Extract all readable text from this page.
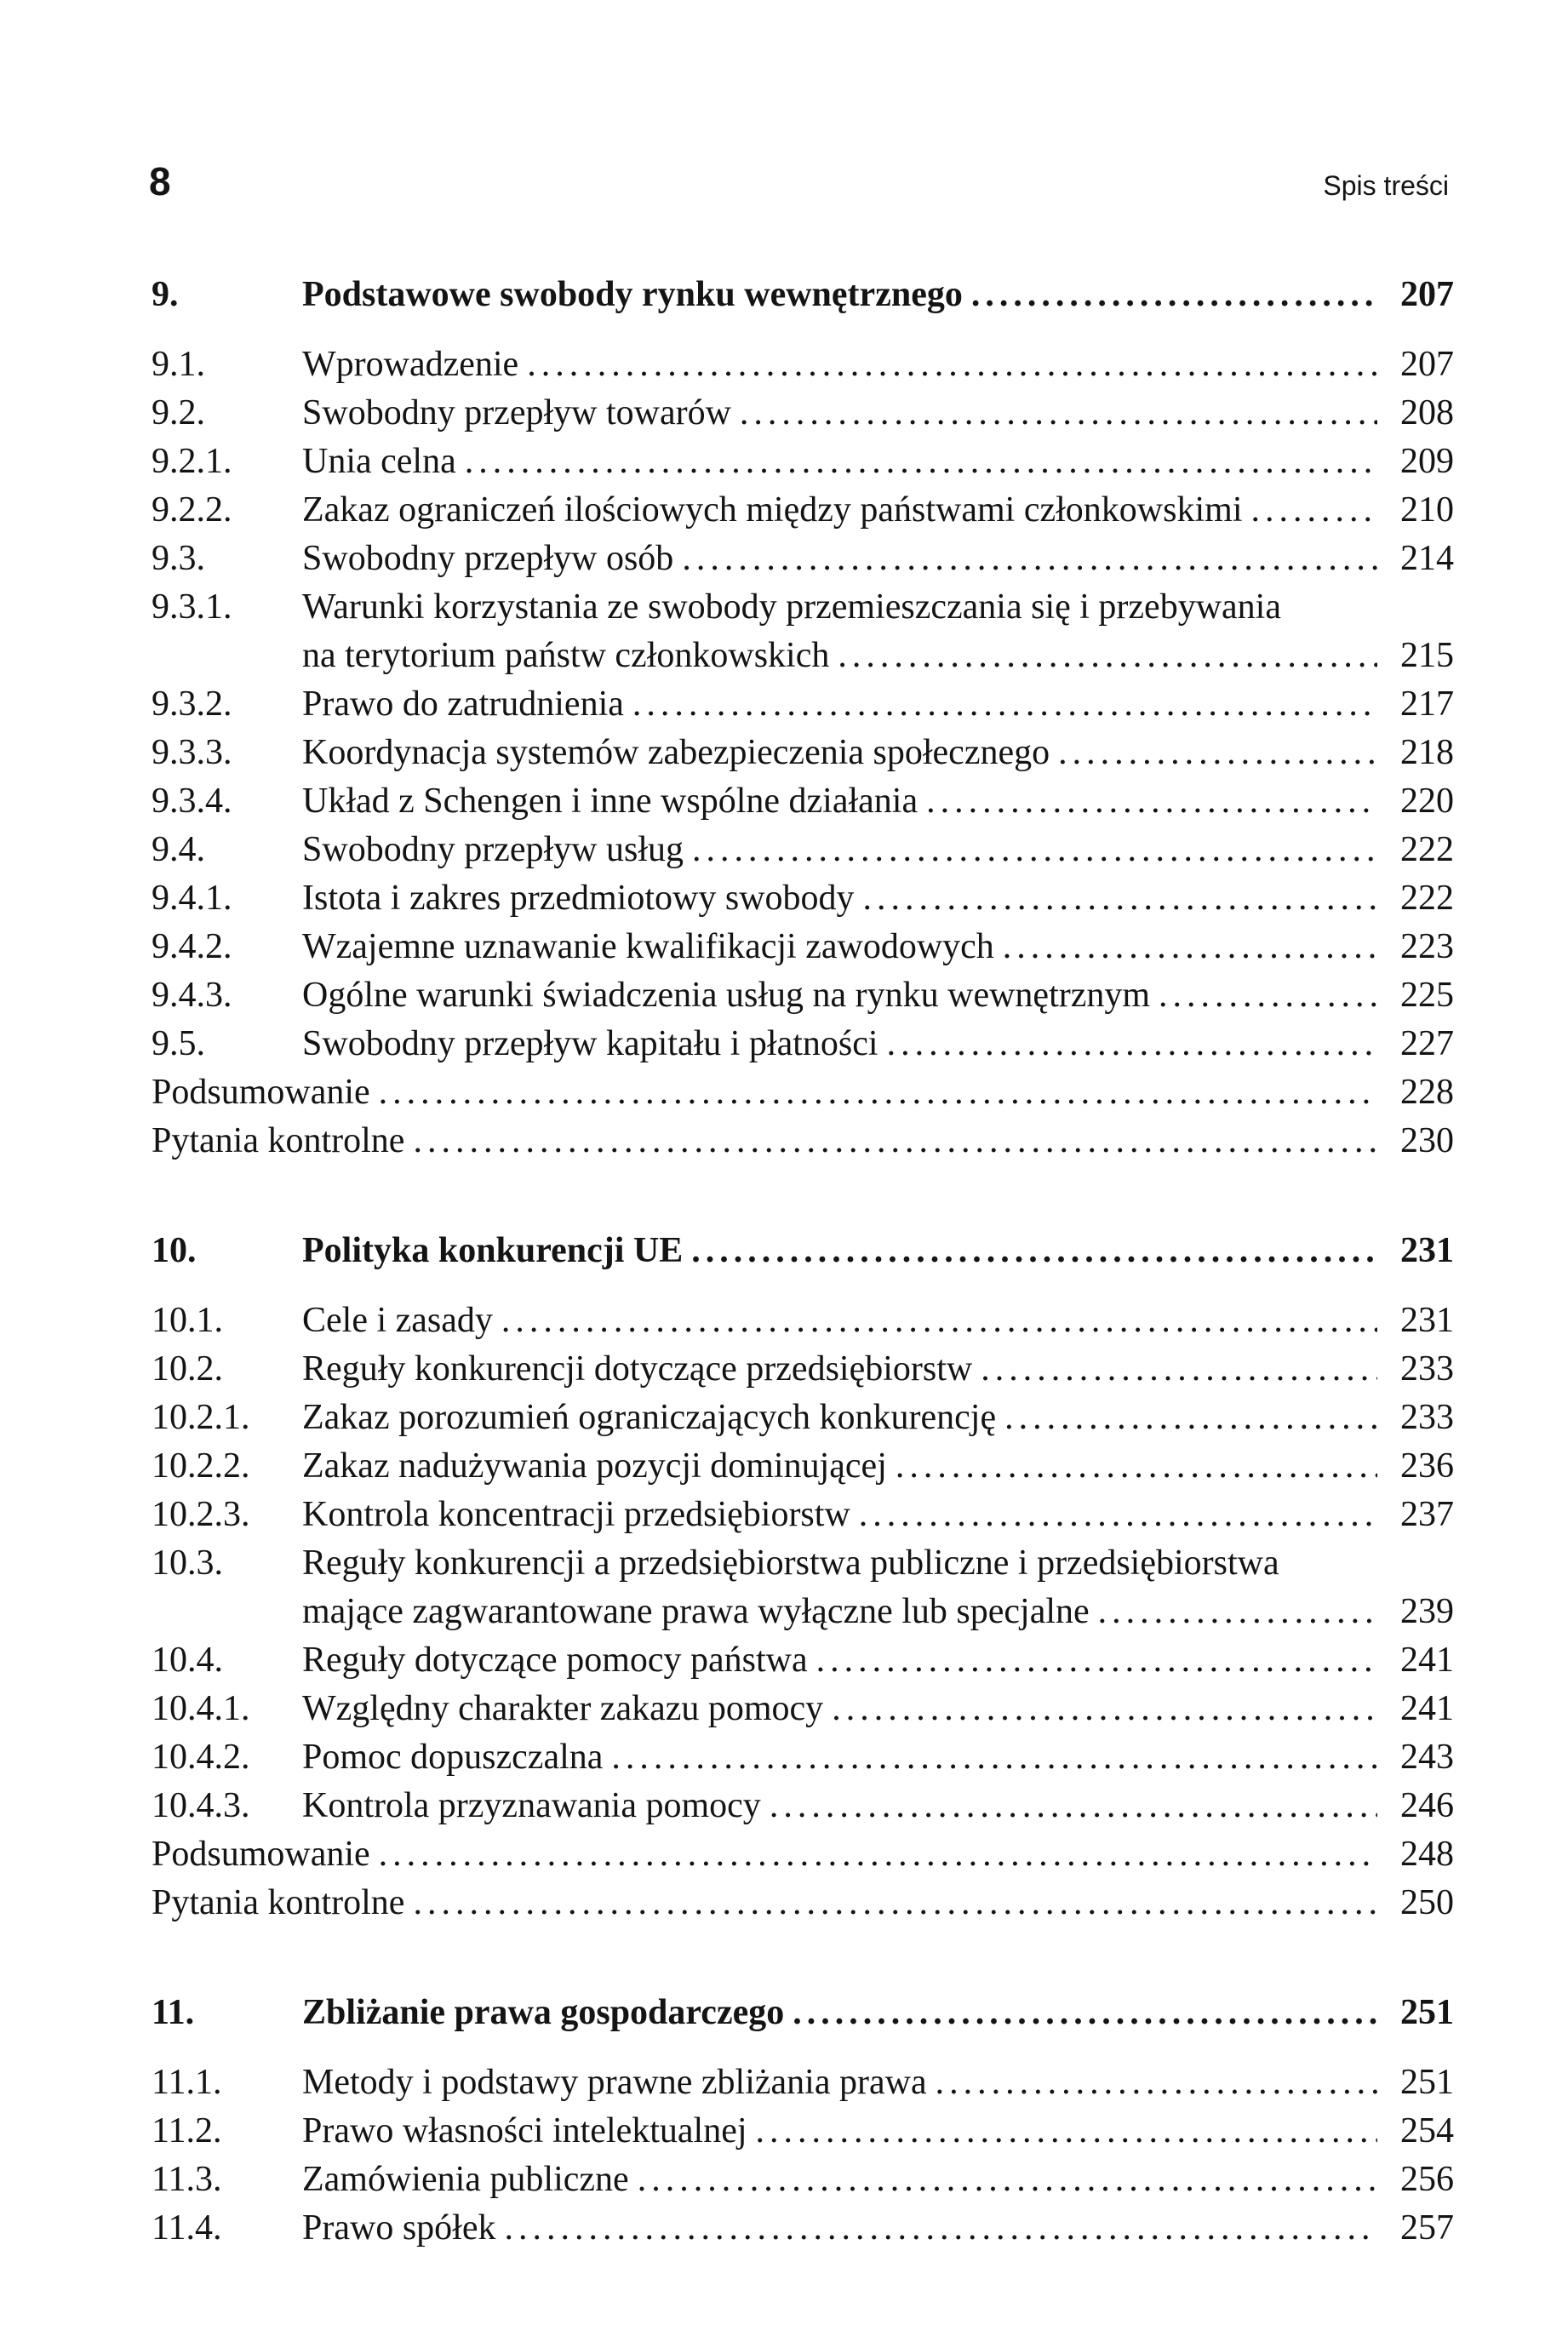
8	Spis treści
9.	Podstawowe swobody rynku wewnętrznego .....	207
9.1.	Wprowadzenie .....	207
9.2.	Swobodny przepływ towarów .....	208
9.2.1.	Unia celna .....	209
9.2.2.	Zakaz ograniczeń ilościowych między państwami członkowskimi .....	210
9.3.	Swobodny przepływ osób .....	214
9.3.1.	Warunki korzystania ze swobody przemieszczania się i przebywania
na terytorium państw członkowskich .....	215
9.3.2.	Prawo do zatrudnienia .....	217
9.3.3.	Koordynacja systemów zabezpieczenia społecznego .....	218
9.3.4.	Układ z Schengen i inne wspólne działania .....	220
9.4.	Swobodny przepływ usług .....	222
9.4.1.	Istota i zakres przedmiotowy swobody .....	222
9.4.2.	Wzajemne uznawanie kwalifikacji zawodowych .....	223
9.4.3.	Ogólne warunki świadczenia usług na rynku wewnętrznym .....	225
9.5.	Swobodny przepływ kapitału i płatności .....	227
Podsumowanie .....	228
Pytania kontrolne .....	230
10.	Polityka konkurencji UE .....	231
10.1.	Cele i zasady .....	231
10.2.	Reguły konkurencji dotyczące przedsiębiorstw .....	233
10.2.1.	Zakaz porozumień ograniczających konkurencję .....	233
10.2.2.	Zakaz nadużywania pozycji dominującej .....	236
10.2.3.	Kontrola koncentracji przedsiębiorstw .....	237
10.3.	Reguły konkurencji a przedsiębiorstwa publiczne i przedsiębiorstwa
mające zagwarantowane prawa wyłączne lub specjalne .....	239
10.4.	Reguły dotyczące pomocy państwa .....	241
10.4.1.	Względny charakter zakazu pomocy .....	241
10.4.2.	Pomoc dopuszczalna .....	243
10.4.3.	Kontrola przyznawania pomocy .....	246
Podsumowanie .....	248
Pytania kontrolne .....	250
11.	Zbliżanie prawa gospodarczego .....	251
11.1.	Metody i podstawy prawne zbliżania prawa .....	251
11.2.	Prawo własności intelektualnej .....	254
11.3.	Zamówienia publiczne .....	256
11.4.	Prawo spółek .....	257
